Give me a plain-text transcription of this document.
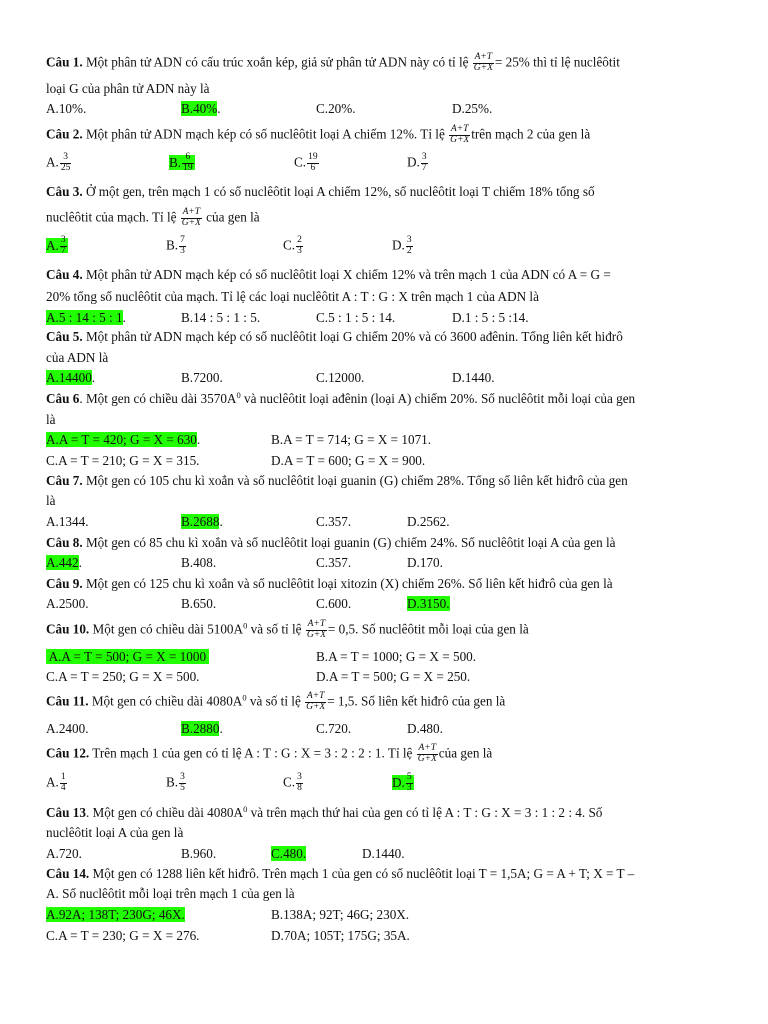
Câu 1. Một phân tử ADN có cấu trúc xoắn kép, giả sử phân tử ADN này có tỉ lệ $\frac{A+T}{G+X} = 25\%$ thì tỉ lệ nuclêôtit
loại G của phân tử ADN này là
A.10%.	B.40%.	C.20%.	D.25%.
Câu 2. Một phân tử ADN mạch kép có số nuclêôtit loại A chiếm 12%. Tỉ lệ $\frac{A+T}{G+X}$ trên mạch 2 của gen là
A. $\frac{3}{25}$	B. $\frac{6}{19}$	C. $\frac{19}{6}$	D. $\frac{3}{7}$
Câu 3. Ở một gen, trên mạch 1 có số nuclêôtit loại A chiếm 12%, số nuclêôtit loại T chiếm 18% tổng số
nuclêôtit của mạch. Tỉ lệ $\frac{A+T}{G+X}$ của gen là
A. $\frac{3}{7}$	B. $\frac{7}{3}$	C. $\frac{2}{3}$	D. $\frac{3}{2}$
Câu 4. Một phân tử ADN mạch kép có số nuclêôtit loại X chiếm 12% và trên mạch 1 của ADN có A = G =
20% tổng số nuclêôtit của mạch. Tỉ lệ các loại nuclêôtit A : T : G : X trên mạch 1 của ADN là
A.5 : 14 : 5 : 1.	B.14 : 5 : 1 : 5.	C.5 : 1 : 5 : 14.	D.1 : 5 : 5 :14.
Câu 5. Một phân tử ADN mạch kép có số nuclêôtit loại G chiếm 20% và có 3600 ađênin. Tổng liên kết hiđrô
của ADN là
A.14400.	B.7200.	C.12000.	D.1440.
Câu 6. Một gen có chiều dài $3570A^0$ và nuclêôtit loại ađênin (loại A) chiếm 20%. Số nuclêôtit mỗi loại của gen
là
A.A = T = 420; G = X = 630.	B.A = T = 714; G = X = 1071.
C.A = T = 210; G = X = 315.	D.A = T = 600; G = X = 900.
Câu 7. Một gen có 105 chu kì xoắn và số nuclêôtit loại guanin (G) chiếm 28%. Tổng số liên kết hiđrô của gen
là
A.1344.	B.2688.	C.357.	D.2562.
Câu 8. Một gen có 85 chu kì xoắn và số nuclêôtit loại guanin (G) chiếm 24%. Số nuclêôtit loại A của gen là
A.442.	B.408.	C.357.	D.170.
Câu 9. Một gen có 125 chu kì xoắn và số nuclêôtit loại xitozin (X) chiếm 26%. Số liên kết hiđrô của gen là
A.2500.	B.650.	C.600.	D.3150.
Câu 10. Một gen có chiều dài $5100A^0$ và số tỉ lệ $\frac{A+T}{G+X} = 0,5$. Số nuclêôtit mỗi loại của gen là
A.A = T = 500; G = X = 1000	B.A = T = 1000; G = X = 500.
C.A = T = 250; G = X = 500.	D.A = T = 500; G = X = 250.
Câu 11. Một gen có chiều dài $4080A^0$ và số tỉ lệ $\frac{A+T}{G+X} = 1,5$. Số liên kết hiđrô của gen là
A.2400.	B.2880.	C.720.	D.480.
Câu 12. Trên mạch 1 của gen có tỉ lệ A : T : G : X = 3 : 2 : 2 : 1. Tỉ lệ $\frac{A+T}{G+X}$ của gen là
A. $\frac{1}{4}$	B. $\frac{3}{5}$	C. $\frac{3}{8}$	D. $\frac{5}{3}$
Câu 13. Một gen có chiều dài $4080A^0$ và trên mạch thứ hai của gen có tỉ lệ A : T : G : X = 3 : 1 : 2 : 4. Số
nuclêôtit loại A của gen là
A.720.	B.960.	C.480.	D.1440.
Câu 14. Một gen có 1288 liên kết hiđrô. Trên mạch 1 của gen có số nuclêôtit loại T = 1,5A; G = A + T; X = T –
A. Số nuclêôtit mỗi loại trên mạch 1 của gen là
A.92A; 138T; 230G; 46X.	B.138A; 92T; 46G; 230X.
C.A = T = 230; G = X = 276.	D.70A; 105T; 175G; 35A.
